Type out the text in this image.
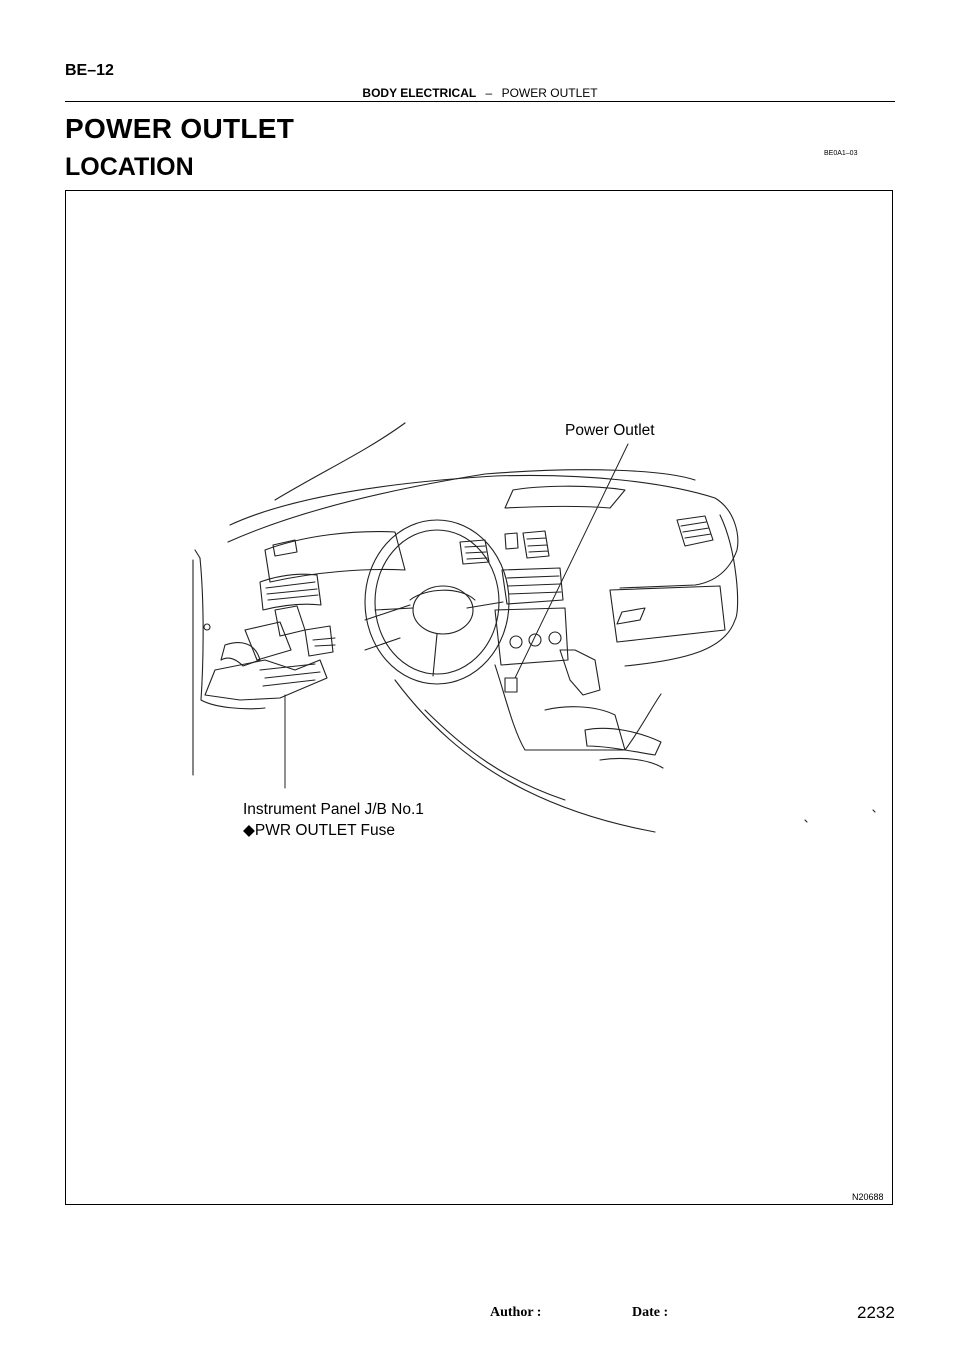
BE–12
BODY ELECTRICAL – POWER OUTLET
POWER OUTLET
LOCATION	BE0A1–03
Power Outlet
Instrument Panel J/B No.1
◆PWR OUTLET Fuse
N20688
Author :	Date :	2232
